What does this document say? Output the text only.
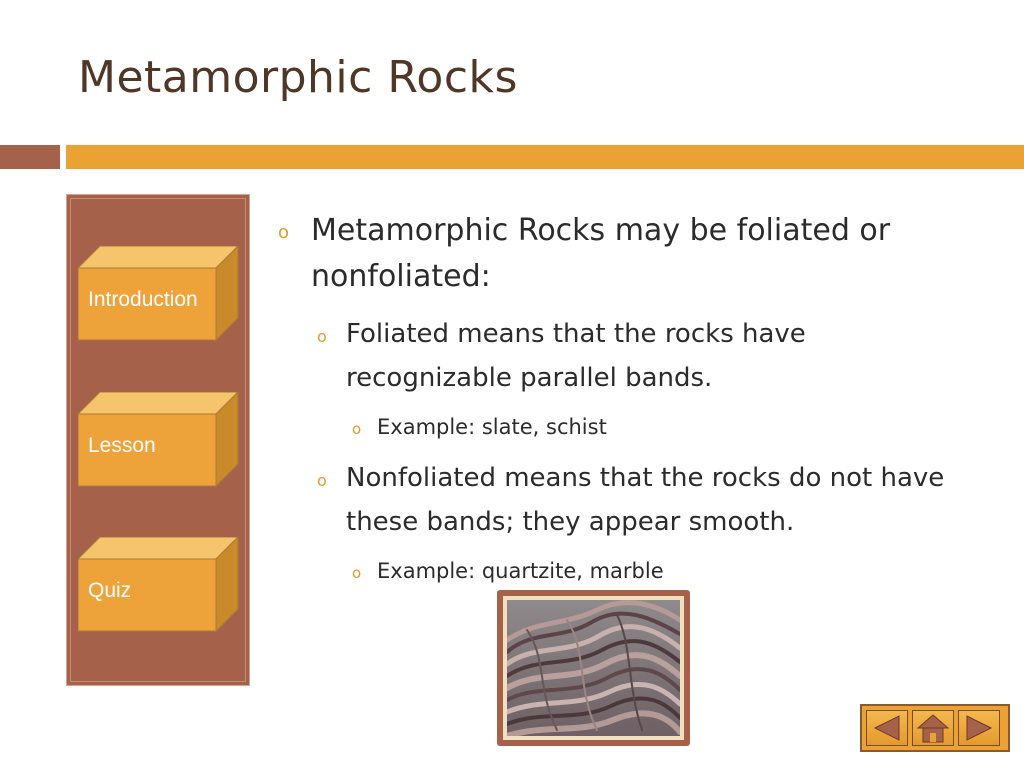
Metamorphic Rocks
Introduction
Lesson
Quiz
o Metamorphic Rocks may be foliated or nonfoliated:
o Foliated means that the rocks have recognizable parallel bands.
o Example: slate, schist
o Nonfoliated means that the rocks do not have these bands; they appear smooth.
o Example: quartzite, marble
